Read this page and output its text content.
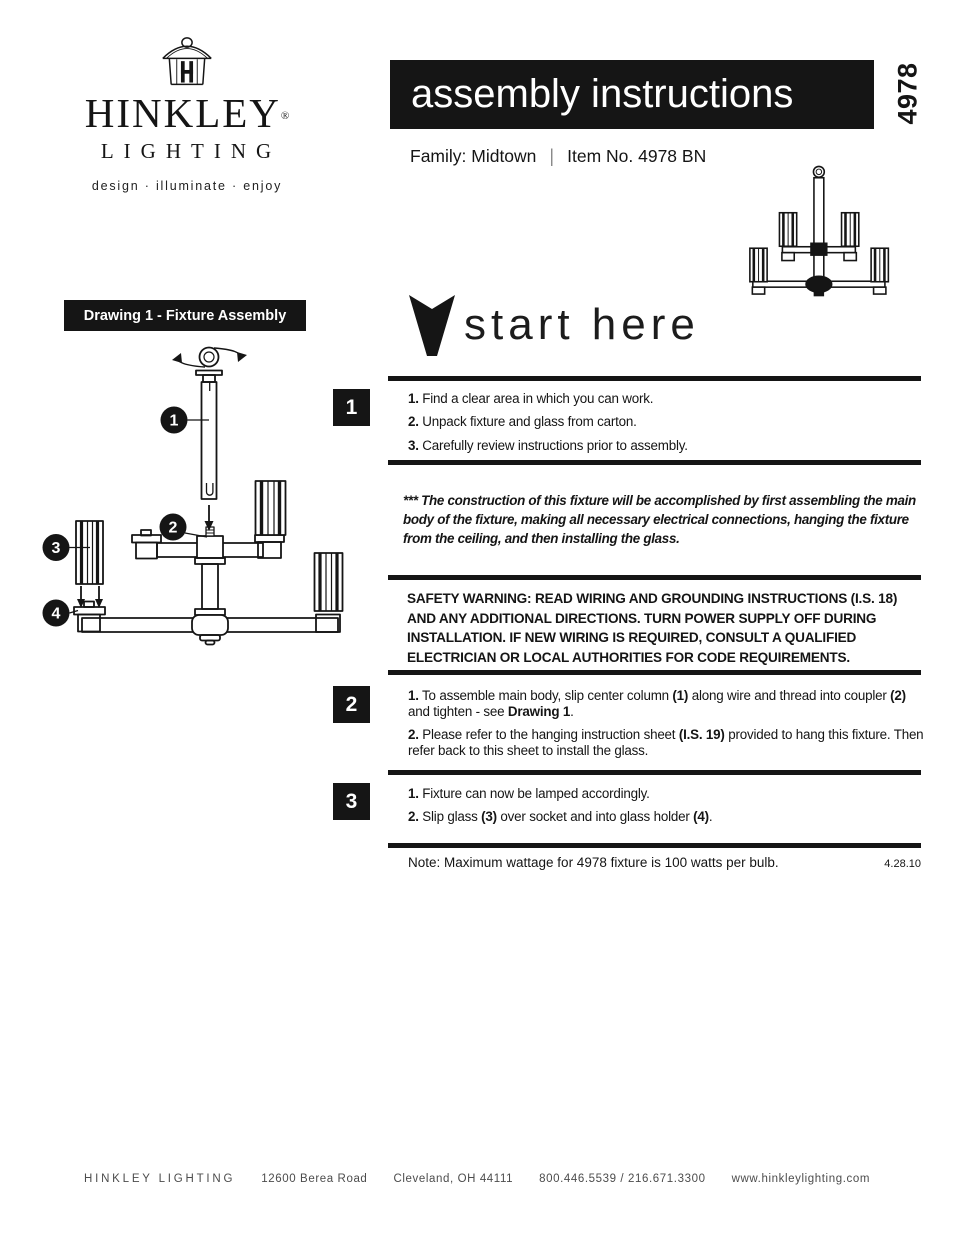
HINKLEY®
LIGHTING
design · illuminate · enjoy
assembly instructions	4978
Family: Midtown | Item No. 4978 BN
Drawing 1 - Fixture Assembly
1
2
3
4
start here
1	1. Find a clear area in which you can work.

2. Unpack fixture and glass from carton.

3. Carefully review instructions prior to assembly.

*** The construction of this fixture will be accomplished by first assembling the main body of the fixture, making all necessary electrical connections, hanging the fixture from the ceiling, and then installing the glass.
SAFETY WARNING: READ WIRING AND GROUNDING INSTRUCTIONS (I.S. 18) AND ANY ADDITIONAL DIRECTIONS. TURN POWER SUPPLY OFF DURING INSTALLATION. IF NEW WIRING IS REQUIRED, CONSULT A QUALIFIED ELECTRICIAN OR LOCAL AUTHORITIES FOR CODE REQUIREMENTS.
2	1. To assemble main body, slip center column (1) along wire and thread into coupler (2) and tighten - see Drawing 1.

2. Please refer to the hanging instruction sheet (I.S. 19) provided to hang this fixture. Then refer back to this sheet to install the glass.

3	1. Fixture can now be lamped accordingly.

2. Slip glass (3) over socket and into glass holder (4).

Note: Maximum wattage for 4978 fixture is 100 watts per bulb.	4.28.10
HINKLEY LIGHTING 12600 Berea Road Cleveland, OH 44111 800.446.5539 / 216.671.3300 www.hinkleylighting.com
